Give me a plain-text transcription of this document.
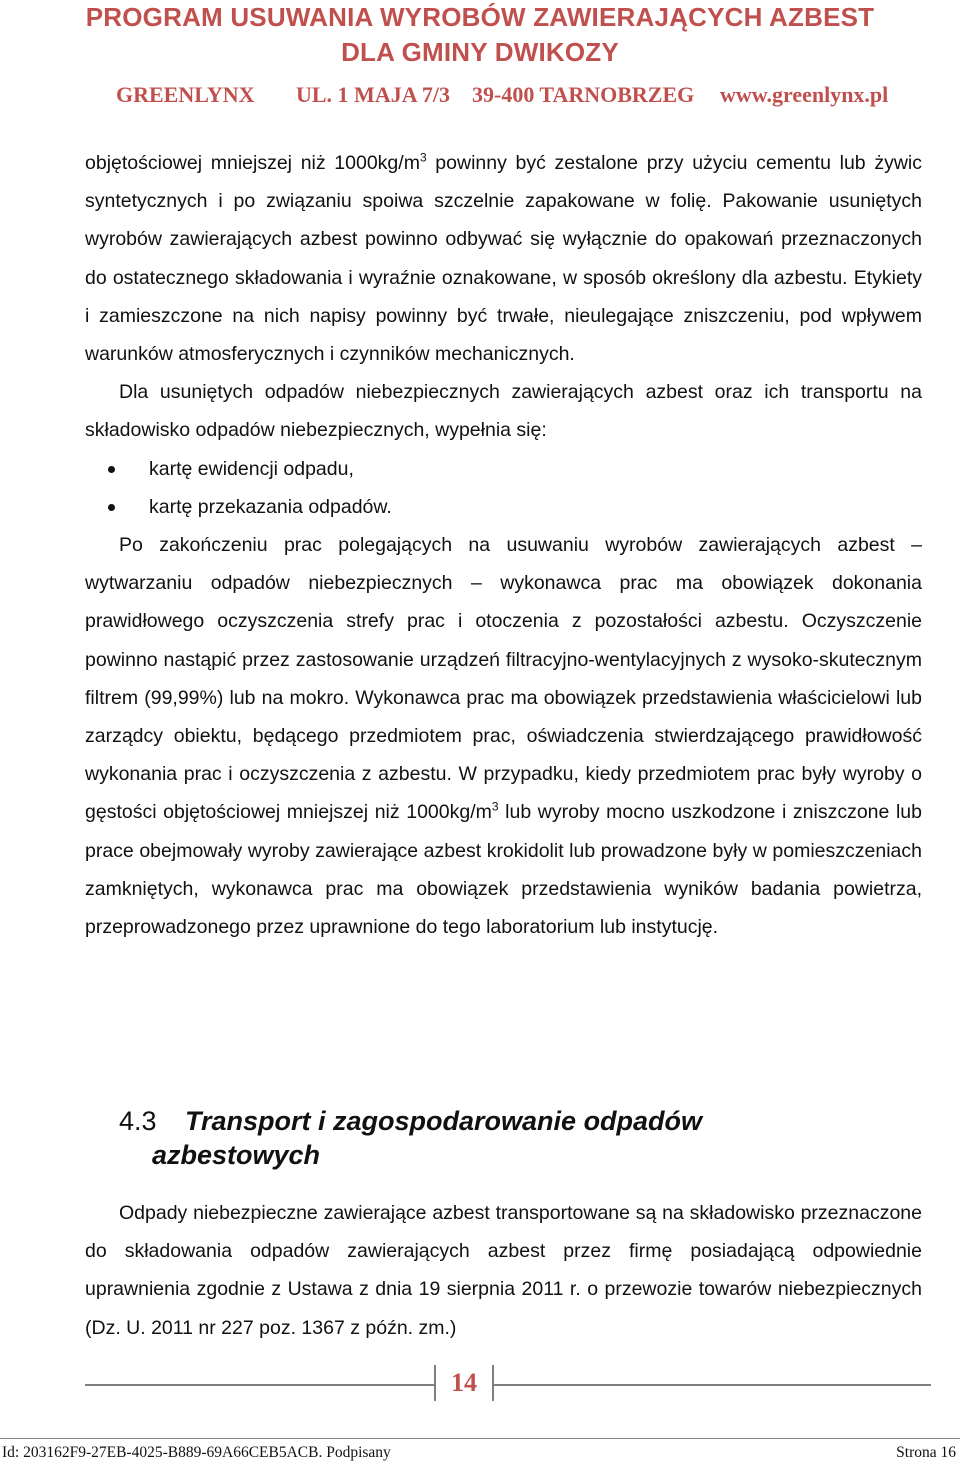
PROGRAM USUWANIA WYROBÓW ZAWIERAJĄCYCH AZBEST
DLA GMINY DWIKOZY
GREENLYNX UL. 1 MAJA 7/3 39-400 TARNOBRZEG www.greenlynx.pl

objętościowej mniejszej niż $1000kg/m^3$ powinny być zestalone przy użyciu cementu lub żywic syntetycznych i po związaniu spoiwa szczelnie zapakowane w folię. Pakowanie usuniętych wyrobów zawierających azbest powinno odbywać się wyłącznie do opakowań przeznaczonych do ostatecznego składowania i wyraźnie oznakowane, w sposób określony dla azbestu. Etykiety i zamieszczone na nich napisy powinny być trwałe, nieulegające zniszczeniu, pod wpływem warunków atmosferycznych i czynników mechanicznych.

Dla usuniętych odpadów niebezpiecznych zawierających azbest oraz ich transportu na składowisko odpadów niebezpiecznych, wypełnia się:

kartę ewidencji odpadu,
kartę przekazania odpadów.

Po zakończeniu prac polegających na usuwaniu wyrobów zawierających azbest – wytwarzaniu odpadów niebezpiecznych – wykonawca prac ma obowiązek dokonania prawidłowego oczyszczenia strefy prac i otoczenia z pozostałości azbestu. Oczyszczenie powinno nastąpić przez zastosowanie urządzeń filtracyjno-wentylacyjnych z wysoko-skutecznym filtrem (99,99%) lub na mokro. Wykonawca prac ma obowiązek przedstawienia właścicielowi lub zarządcy obiektu, będącego przedmiotem prac, oświadczenia stwierdzającego prawidłowość wykonania prac i oczyszczenia z azbestu. W przypadku, kiedy przedmiotem prac były wyroby o gęstości objętościowej mniejszej niż $1000kg/m^3$ lub wyroby mocno uszkodzone i zniszczone lub prace obejmowały wyroby zawierające azbest krokidolit lub prowadzone były w pomieszczeniach zamkniętych, wykonawca prac ma obowiązek przedstawienia wyników badania powietrza, przeprowadzonego przez uprawnione do tego laboratorium lub instytucję.

4.3 Transport i zagospodarowanie odpadów
azbestowych

Odpady niebezpieczne zawierające azbest transportowane są na składowisko przeznaczone do składowania odpadów zawierających azbest przez firmę posiadającą odpowiednie uprawnienia zgodnie z Ustawa z dnia 19 sierpnia 2011 r. o przewozie towarów niebezpiecznych (Dz. U. 2011 nr 227 poz. 1367 z późn. zm.)

14
Id: 203162F9-27EB-4025-B889-69A66CEB5ACB. Podpisany	Strona 16
